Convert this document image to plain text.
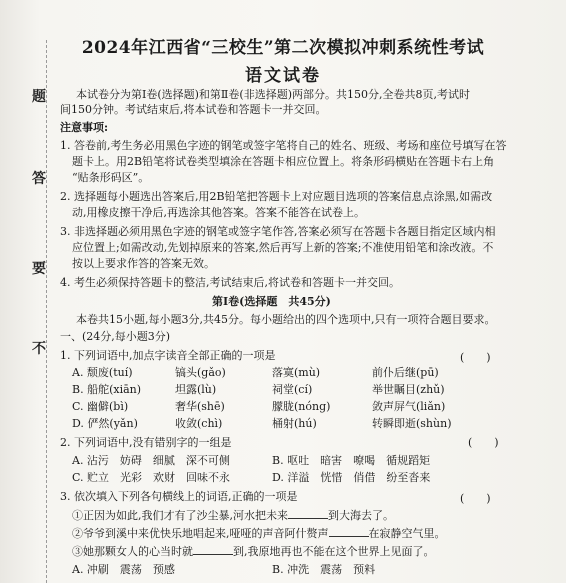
题
答
要
不
2024年江西省“三校生”第二次模拟冲刺系统性考试
语文试卷
本试卷分为第Ⅰ卷(选择题)和第Ⅱ卷(非选择题)两部分。共150分,全卷共8页,考试时
间150分钟。考试结束后,将本试卷和答题卡一并交回。
注意事项:
1. 答卷前,考生务必用黑色字迹的钢笔或签字笔将自己的姓名、班级、考场和座位号填写在答
题卡上。用2B铅笔将试卷类型填涂在答题卡相应位置上。将条形码横贴在答题卡右上角
“贴条形码区”。
2. 选择题每小题选出答案后,用2B铅笔把答题卡上对应题目选项的答案信息点涂黑,如需改
动,用橡皮擦干净后,再选涂其他答案。答案不能答在试卷上。
3. 非选择题必须用黑色字迹的钢笔或签字笔作答,答案必须写在答题卡各题目指定区域内相
应位置上;如需改动,先划掉原来的答案,然后再写上新的答案;不准使用铅笔和涂改液。不
按以上要求作答的答案无效。
4. 考生必须保持答题卡的整洁,考试结束后,将试卷和答题卡一并交回。
第Ⅰ卷(选择题　共45分)
本卷共15小题,每小题3分,共45分。每小题给出的四个选项中,只有一项符合题目要求。
一、(24分,每小题3分)
1. 下列词语中,加点字读音全部正确的一项是	(　　)
A. 颓废(tuí)	镐头(gǎo)	落寞(mù)	前仆后继(pū)
B. 船舵(xiān)	坦露(lù)	祠堂(cí)	举世瞩目(zhǔ)
C. 幽僻(bì)	奢华(shē)	朦胧(nóng)	敛声屏气(liǎn)
D. 俨然(yǎn)	收敛(chì)	桶射(hú)	转瞬即逝(shùn)
2. 下列词语中,没有错别字的一组是	(　　)
A. 沾污　妨碍　细腻　深不可侧	B. 呕吐　暗害　嘹喝　循规蹈矩
C. 贮立　光彩　欢财　回味不永	D. 洋溢　恍惜　俏借　纷至沓来
3. 依次填入下列各句横线上的词语,正确的一项是	(　　)
①正因为如此,我们才有了沙尘暴,河水把未来	到大海去了。
②爷爷到溪中来优快乐地唱起来,哑哑的声音阿什赘声	在寂静空气里。
③她那颗女人的心当时就	到,我原地再也不能在这个世界上见面了。
A. 冲刷　震荡　预感	B. 冲洗　震荡　预料
